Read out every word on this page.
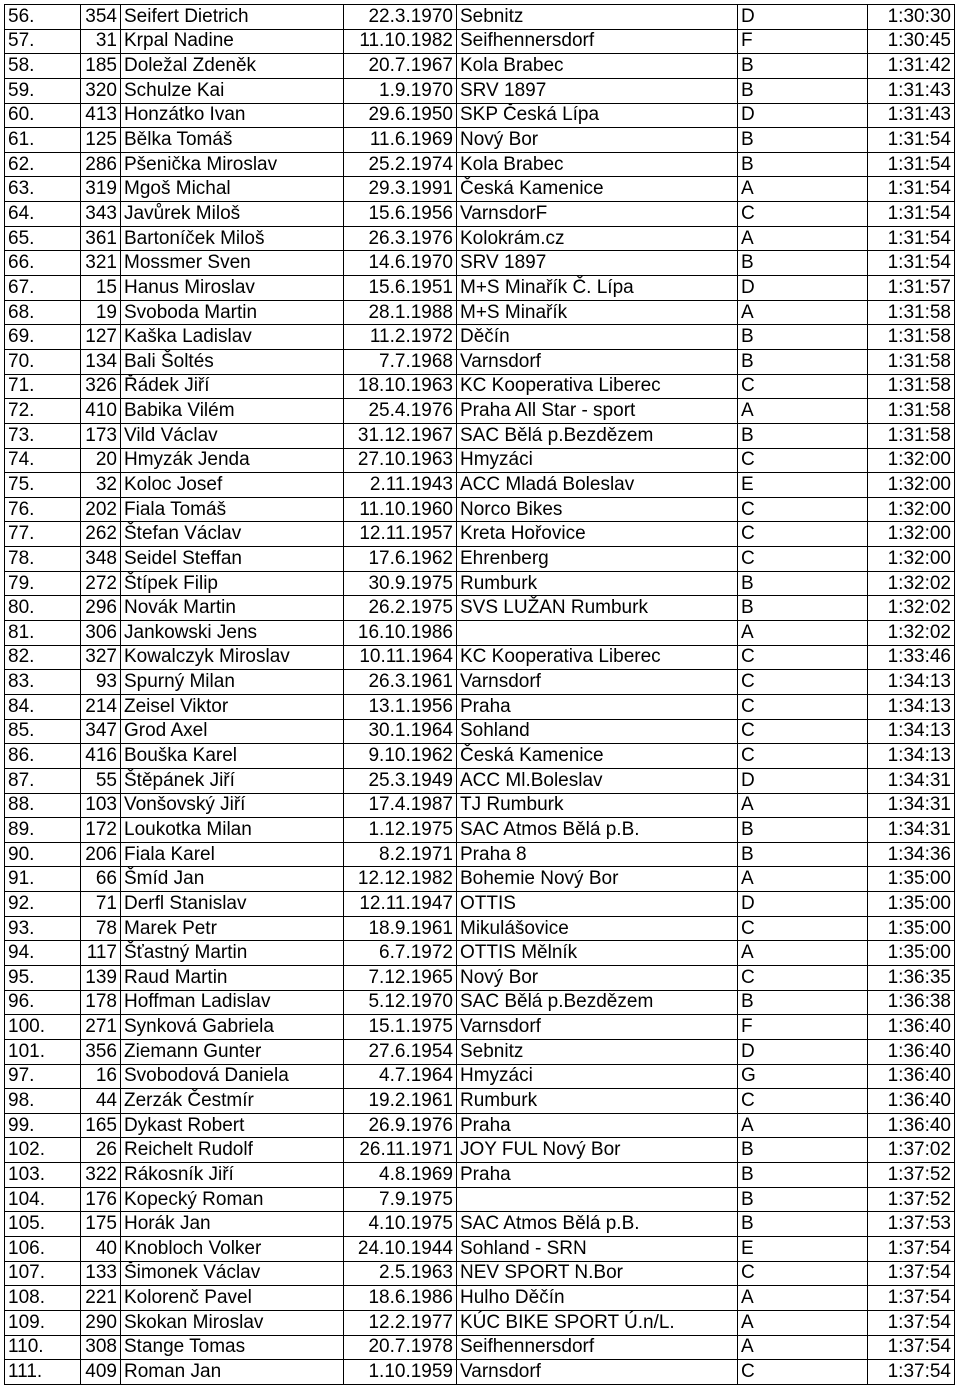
56.	354	Seifert Dietrich	22.3.1970	Sebnitz	D	1:30:30
57.	31	Krpal Nadine	11.10.1982	Seifhennersdorf	F	1:30:45
58.	185	Doležal Zdeněk	20.7.1967	Kola Brabec	B	1:31:42
59.	320	Schulze Kai	1.9.1970	SRV 1897	B	1:31:43
60.	413	Honzátko Ivan	29.6.1950	SKP Česká Lípa	D	1:31:43
61.	125	Bělka Tomáš	11.6.1969	Nový Bor	B	1:31:54
62.	286	Pšenička Miroslav	25.2.1974	Kola Brabec	B	1:31:54
63.	319	Mgoš Michal	29.3.1991	Česká Kamenice	A	1:31:54
64.	343	Javůrek Miloš	15.6.1956	VarnsdorF	C	1:31:54
65.	361	Bartoníček Miloš	26.3.1976	Kolokrám.cz	A	1:31:54
66.	321	Mossmer Sven	14.6.1970	SRV 1897	B	1:31:54
67.	15	Hanus Miroslav	15.6.1951	M+S Minařík Č. Lípa	D	1:31:57
68.	19	Svoboda Martin	28.1.1988	M+S Minařík	A	1:31:58
69.	127	Kaška Ladislav	11.2.1972	Děčín	B	1:31:58
70.	134	Bali Šoltés	7.7.1968	Varnsdorf	B	1:31:58
71.	326	Řádek Jiří	18.10.1963	KC Kooperativa Liberec	C	1:31:58
72.	410	Babika Vilém	25.4.1976	Praha All Star - sport	A	1:31:58
73.	173	Vild Václav	31.12.1967	SAC Bělá p.Bezdězem	B	1:31:58
74.	20	Hmyzák Jenda	27.10.1963	Hmyzáci	C	1:32:00
75.	32	Koloc Josef	2.11.1943	ACC Mladá Boleslav	E	1:32:00
76.	202	Fiala Tomáš	11.10.1960	Norco Bikes	C	1:32:00
77.	262	Štefan Václav	12.11.1957	Kreta Hořovice	C	1:32:00
78.	348	Seidel Steffan	17.6.1962	Ehrenberg	C	1:32:00
79.	272	Štípek Filip	30.9.1975	Rumburk	B	1:32:02
80.	296	Novák Martin	26.2.1975	SVS LUŽAN Rumburk	B	1:32:02
81.	306	Jankowski Jens	16.10.1986		A	1:32:02
82.	327	Kowalczyk Miroslav	10.11.1964	KC Kooperativa Liberec	C	1:33:46
83.	93	Spurný Milan	26.3.1961	Varnsdorf	C	1:34:13
84.	214	Zeisel Viktor	13.1.1956	Praha	C	1:34:13
85.	347	Grod Axel	30.1.1964	Sohland	C	1:34:13
86.	416	Bouška Karel	9.10.1962	Česká Kamenice	C	1:34:13
87.	55	Štěpánek Jiří	25.3.1949	ACC Ml.Boleslav	D	1:34:31
88.	103	Vonšovský Jiří	17.4.1987	TJ Rumburk	A	1:34:31
89.	172	Loukotka Milan	1.12.1975	SAC Atmos Bělá p.B.	B	1:34:31
90.	206	Fiala Karel	8.2.1971	Praha 8	B	1:34:36
91.	66	Šmíd Jan	12.12.1982	Bohemie Nový Bor	A	1:35:00
92.	71	Derfl Stanislav	12.11.1947	OTTIS	D	1:35:00
93.	78	Marek Petr	18.9.1961	Mikulášovice	C	1:35:00
94.	117	Šťastný Martin	6.7.1972	OTTIS Mělník	A	1:35:00
95.	139	Raud Martin	7.12.1965	Nový Bor	C	1:36:35
96.	178	Hoffman Ladislav	5.12.1970	SAC Bělá p.Bezdězem	B	1:36:38
100.	271	Synková Gabriela	15.1.1975	Varnsdorf	F	1:36:40
101.	356	Ziemann Gunter	27.6.1954	Sebnitz	D	1:36:40
97.	16	Svobodová Daniela	4.7.1964	Hmyzáci	G	1:36:40
98.	44	Zerzák Čestmír	19.2.1961	Rumburk	C	1:36:40
99.	165	Dykast Robert	26.9.1976	Praha	A	1:36:40
102.	26	Reichelt Rudolf	26.11.1971	JOY FUL Nový Bor	B	1:37:02
103.	322	Rákosník Jiří	4.8.1969	Praha	B	1:37:52
104.	176	Kopecký Roman	7.9.1975		B	1:37:52
105.	175	Horák Jan	4.10.1975	SAC Atmos Bělá p.B.	B	1:37:53
106.	40	Knobloch Volker	24.10.1944	Sohland - SRN	E	1:37:54
107.	133	Šimonek Václav	2.5.1963	NEV SPORT N.Bor	C	1:37:54
108.	221	Kolorenč Pavel	18.6.1986	Hulho Děčín	A	1:37:54
109.	290	Skokan Miroslav	12.2.1977	KÚC BIKE SPORT Ú.n/L.	A	1:37:54
110.	308	Stange Tomas	20.7.1978	Seifhennersdorf	A	1:37:54
111.	409	Roman Jan	1.10.1959	Varnsdorf	C	1:37:54
